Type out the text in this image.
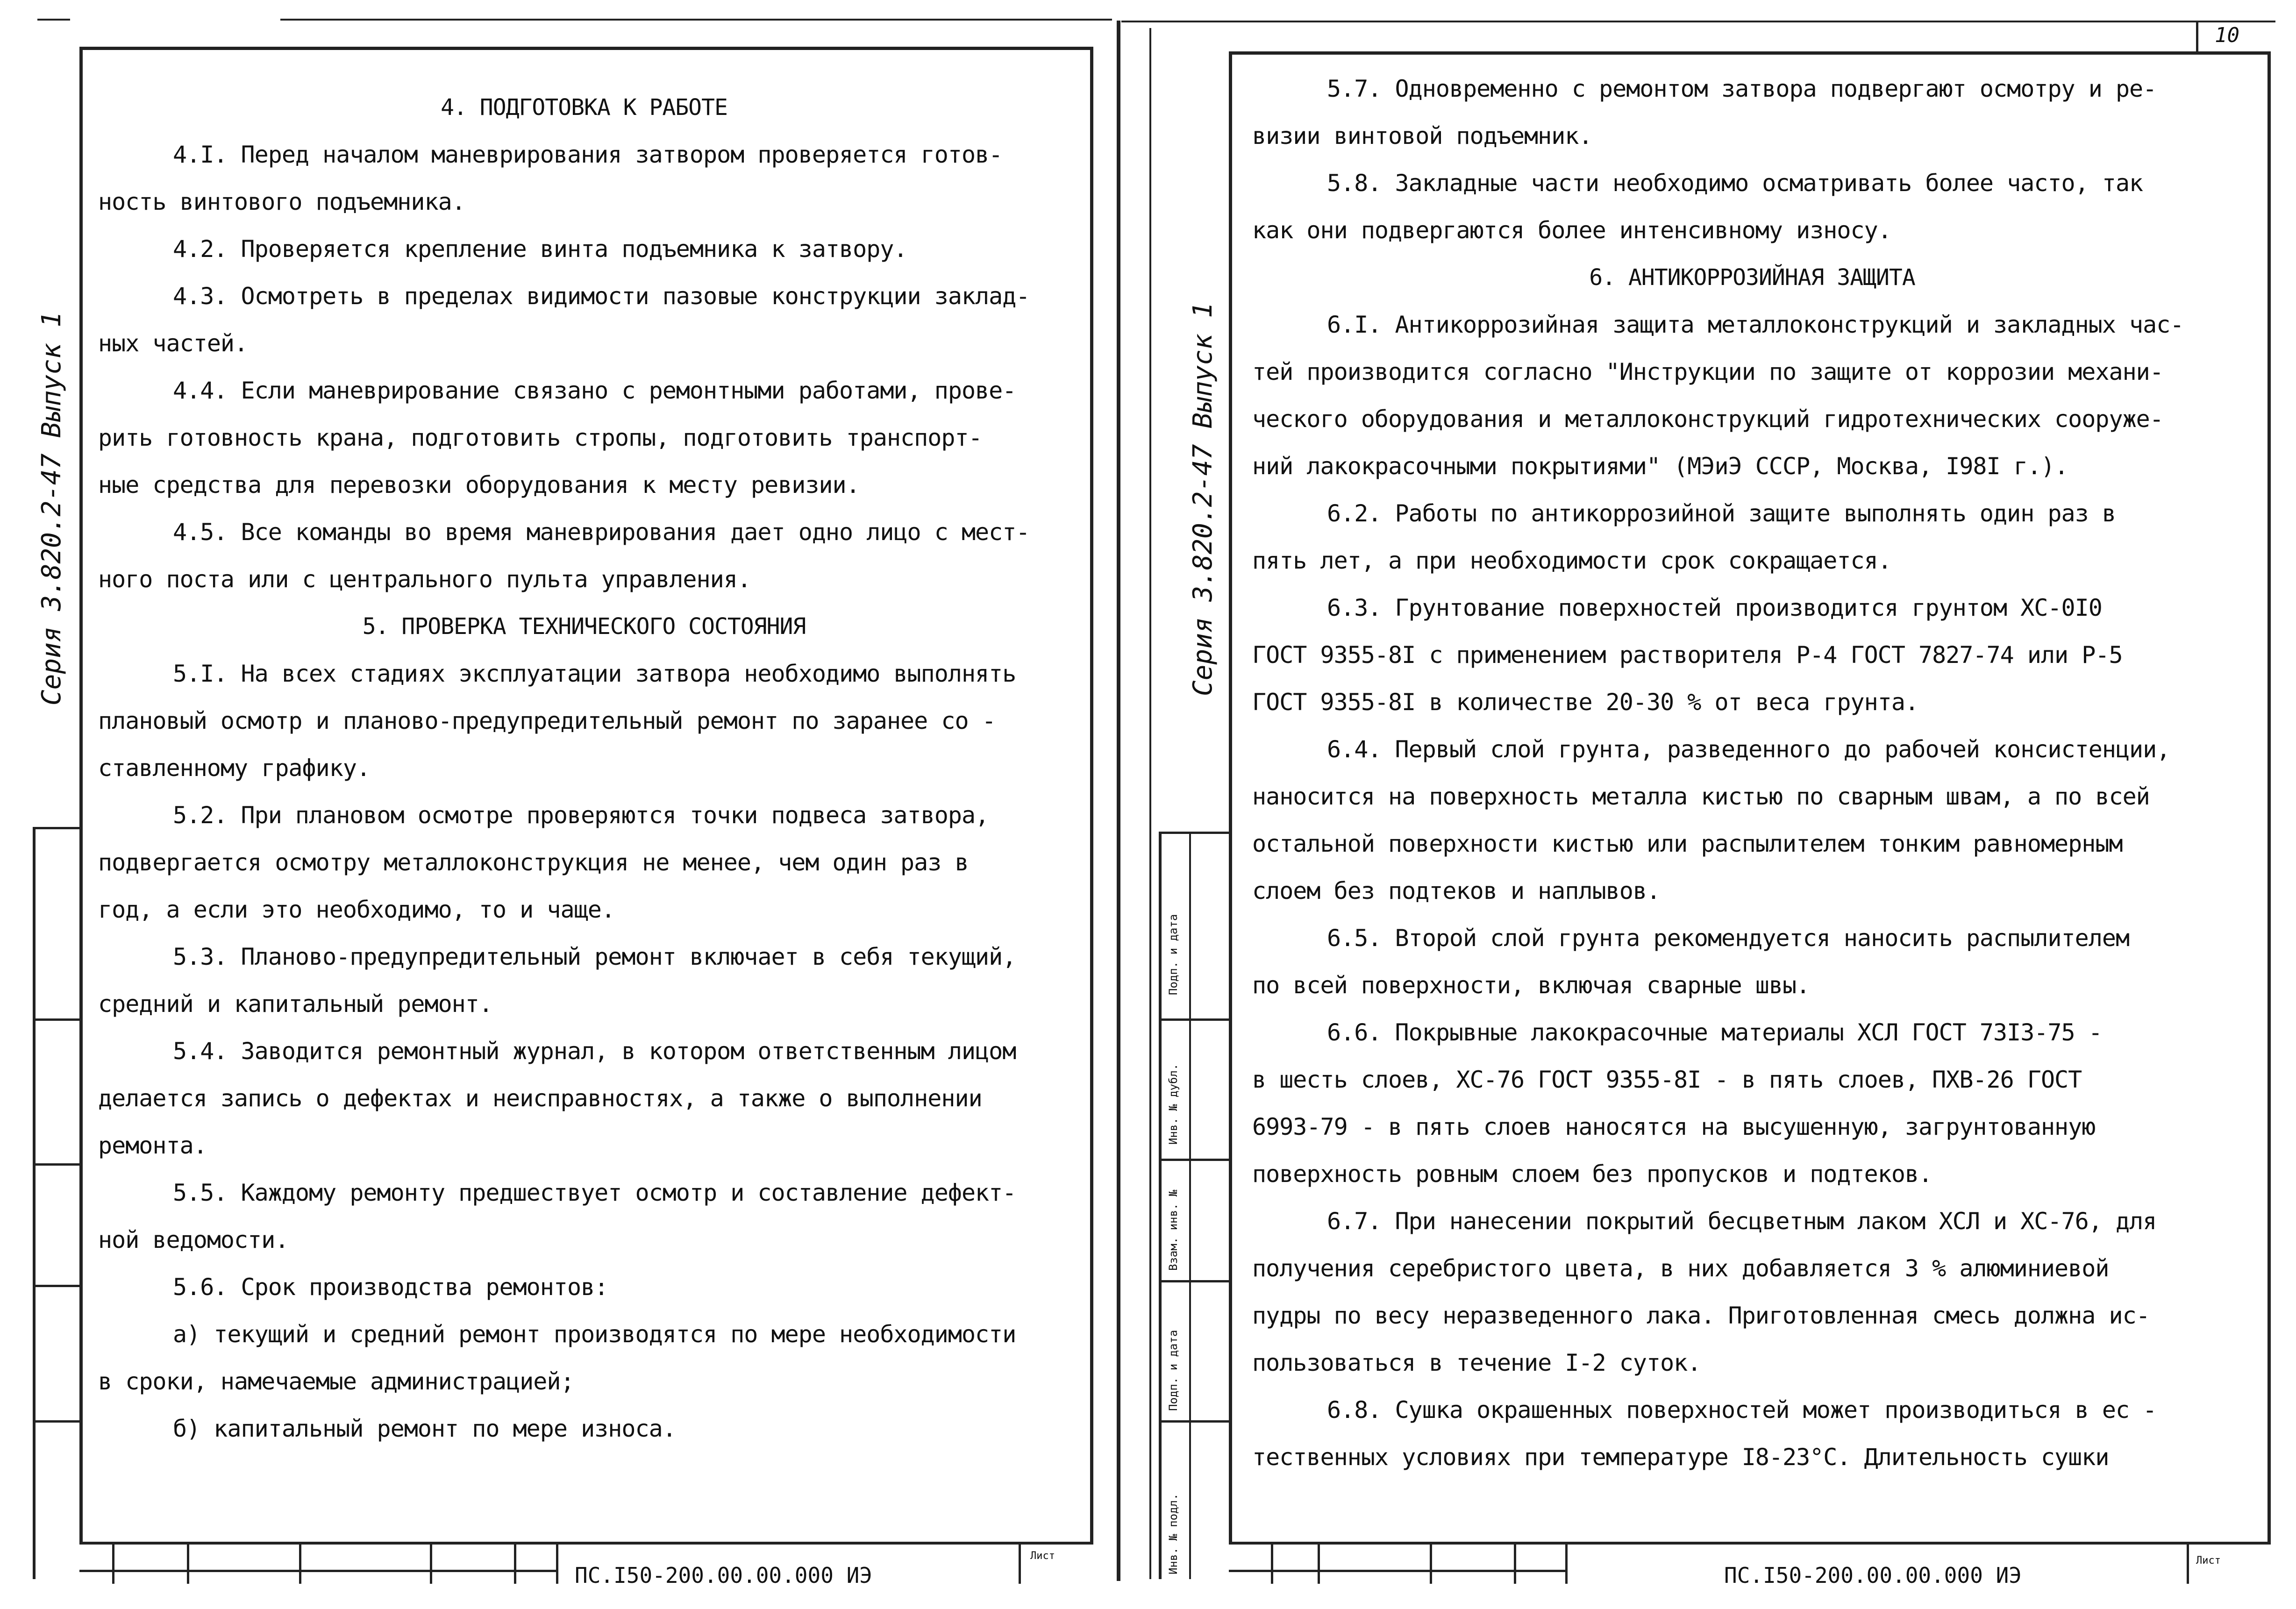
Серия 3.820.2-47 Выпуск 1

4. ПОДГОТОВКА К РАБОТЕ

4.I. Перед началом маневрирования затвором проверяется готов-

ность винтового подъемника.

4.2. Проверяется крепление винта подъемника к затвору.

4.3. Осмотреть в пределах видимости пазовые конструкции заклад-

ных частей.

4.4. Если маневрирование связано с ремонтными работами, прове-

рить готовность крана, подготовить стропы, подготовить транспорт-

ные средства для перевозки оборудования к месту ревизии.

4.5. Все команды во время маневрирования дает одно лицо с мест-

ного поста или с центрального пульта управления.

5. ПРОВЕРКА ТЕХНИЧЕСКОГО СОСТОЯНИЯ

5.I. На всех стадиях эксплуатации затвора необходимо выполнять

плановый осмотр и планово-предупредительный ремонт по заранее со -

ставленному графику.

5.2. При плановом осмотре проверяются точки подвеса затвора,

подвергается осмотру металлоконструкция не менее, чем один раз в

год, а если это необходимо, то и чаще.

5.3. Планово-предупредительный ремонт включает в себя текущий,

средний и капитальный ремонт.

5.4. Заводится ремонтный журнал, в котором ответственным лицом

делается запись о дефектах и неисправностях, а также о выполнении

ремонта.

5.5. Каждому ремонту предшествует осмотр и составление дефект-

ной ведомости.

5.6. Срок производства ремонтов:

а) текущий и средний ремонт производятся по мере необходимости

в сроки, намечаемые администрацией;

б) капитальный ремонт по мере износа.

ПС.I50-200.00.00.000 ИЭ
Лист
10
Серия 3.820.2-47 Выпуск 1
Подп. и дата
Инв. № дубл.
Взам. инв. №
Подп. и дата
Инв. № подл.

5.7. Одновременно с ремонтом затвора подвергают осмотру и ре-

визии винтовой подъемник.

5.8. Закладные части необходимо осматривать более часто, так

как они подвергаются более интенсивному износу.

6. АНТИКОРРОЗИЙНАЯ ЗАЩИТА

6.I. Антикоррозийная защита металлоконструкций и закладных час-

тей производится согласно "Инструкции по защите от коррозии механи-

ческого оборудования и металлоконструкций гидротехнических сооруже-

ний лакокрасочными покрытиями" (МЭиЭ СССР, Москва, I98I г.).

6.2. Работы по антикоррозийной защите выполнять один раз в

пять лет, а при необходимости срок сокращается.

6.3. Грунтование поверхностей производится грунтом ХС-0I0

ГОСТ 9355-8I с применением растворителя Р-4 ГОСТ 7827-74 или Р-5

ГОСТ 9355-8I в количестве 20-30 % от веса грунта.

6.4. Первый слой грунта, разведенного до рабочей консистенции,

наносится на поверхность металла кистью по сварным швам, а по всей

остальной поверхности кистью или распылителем тонким равномерным

слоем без подтеков и наплывов.

6.5. Второй слой грунта рекомендуется наносить распылителем

по всей поверхности, включая сварные швы.

6.6. Покрывные лакокрасочные материалы ХСЛ ГОСТ 73I3-75 -

в шесть слоев, ХС-76 ГОСТ 9355-8I - в пять слоев, ПХВ-26 ГОСТ

6993-79 - в пять слоев наносятся на высушенную, загрунтованную

поверхность ровным слоем без пропусков и подтеков.

6.7. При нанесении покрытий бесцветным лаком ХСЛ и ХС-76, для

получения серебристого цвета, в них добавляется 3 % алюминиевой

пудры по весу неразведенного лака. Приготовленная смесь должна ис-

пользоваться в течение I-2 суток.

6.8. Сушка окрашенных поверхностей может производиться в ес -

тественных условиях при температуре I8-23°С. Длительность сушки

ПС.I50-200.00.00.000 ИЭ
Лист
